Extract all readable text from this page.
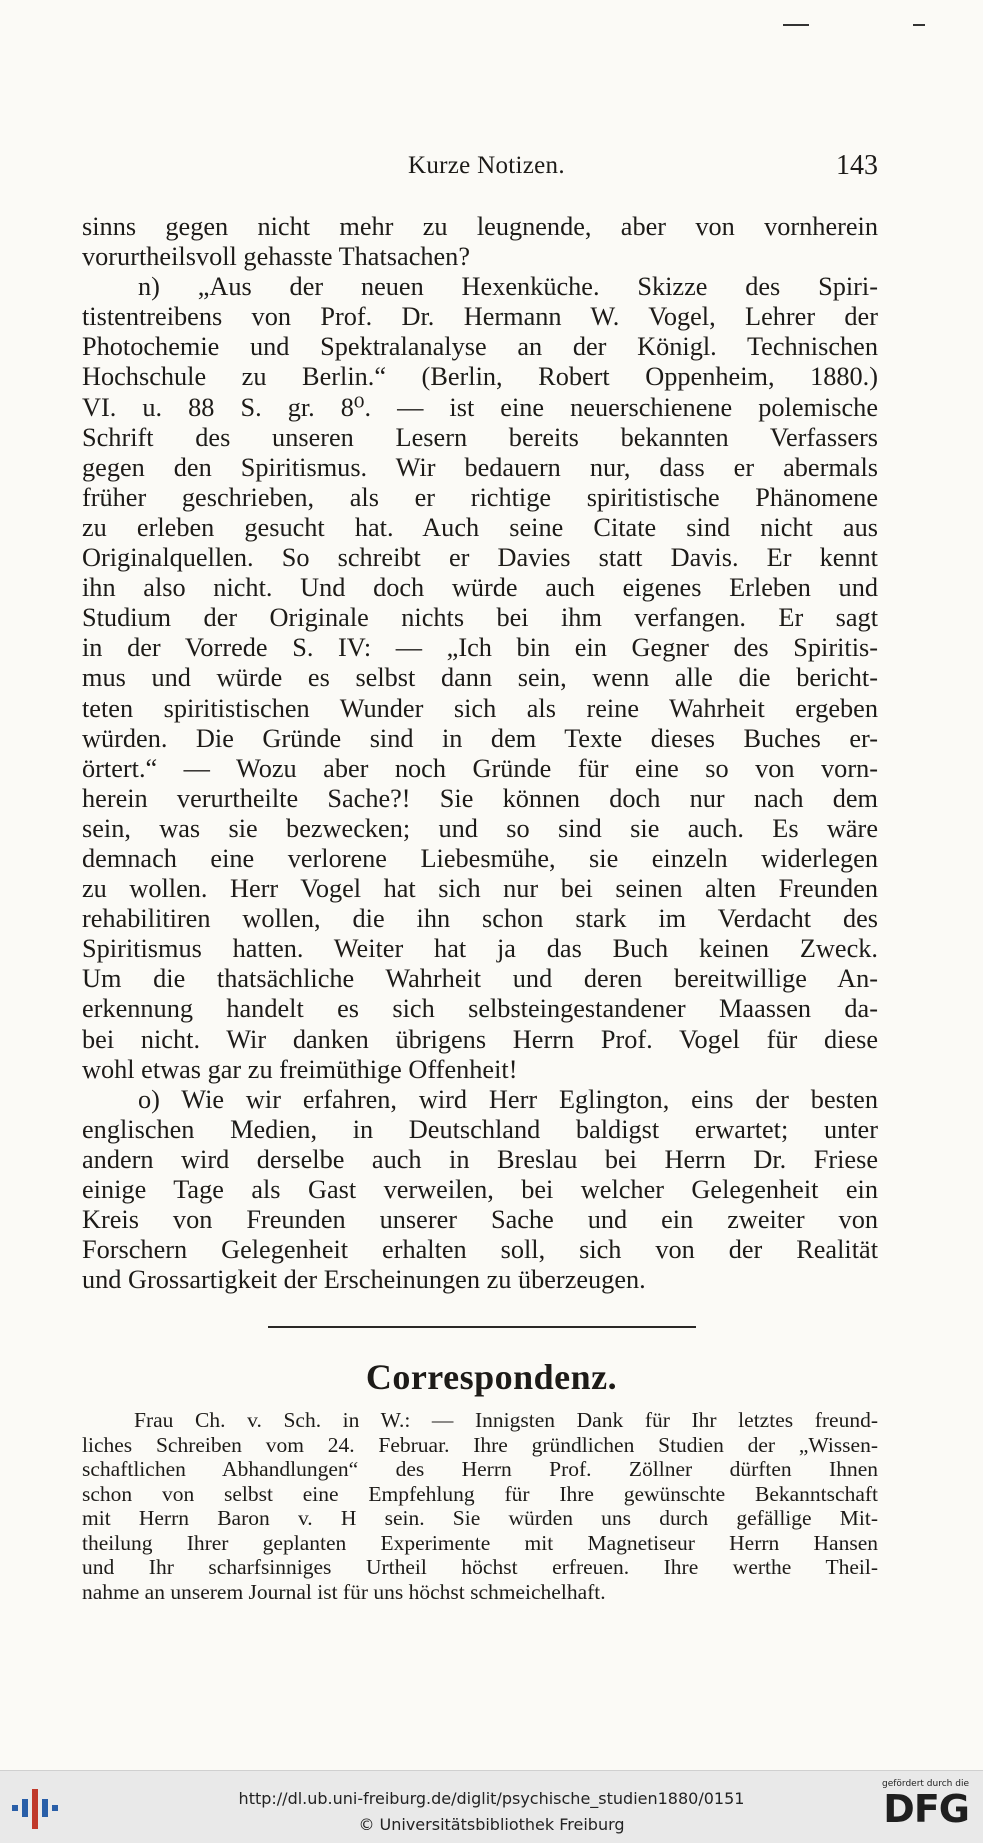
Kurze Notizen.	143
sinns gegen nicht mehr zu leugnende, aber von vornherein
vorurtheilsvoll gehasste Thatsachen?
n) „Aus der neuen Hexenküche. Skizze des Spiri-
tistentreibens von Prof. Dr. Hermann W. Vogel, Lehrer der
Photochemie und Spektralanalyse an der Königl. Technischen
Hochschule zu Berlin.“ (Berlin, Robert Oppenheim, 1880.)
VI. u. 88 S. gr. 8⁰. — ist eine neuerschienene polemische
Schrift des unseren Lesern bereits bekannten Verfassers
gegen den Spiritismus. Wir bedauern nur, dass er abermals
früher geschrieben, als er richtige spiritistische Phänomene
zu erleben gesucht hat. Auch seine Citate sind nicht aus
Originalquellen. So schreibt er Davies statt Davis. Er kennt
ihn also nicht. Und doch würde auch eigenes Erleben und
Studium der Originale nichts bei ihm verfangen. Er sagt
in der Vorrede S. IV: — „Ich bin ein Gegner des Spiritis-
mus und würde es selbst dann sein, wenn alle die bericht-
teten spiritistischen Wunder sich als reine Wahrheit ergeben
würden. Die Gründe sind in dem Texte dieses Buches er-
örtert.“ — Wozu aber noch Gründe für eine so von vorn-
herein verurtheilte Sache?! Sie können doch nur nach dem
sein, was sie bezwecken; und so sind sie auch. Es wäre
demnach eine verlorene Liebesmühe, sie einzeln widerlegen
zu wollen. Herr Vogel hat sich nur bei seinen alten Freunden
rehabilitiren wollen, die ihn schon stark im Verdacht des
Spiritismus hatten. Weiter hat ja das Buch keinen Zweck.
Um die thatsächliche Wahrheit und deren bereitwillige An-
erkennung handelt es sich selbsteingestandener Maassen da-
bei nicht. Wir danken übrigens Herrn Prof. Vogel für diese
wohl etwas gar zu freimüthige Offenheit!
o) Wie wir erfahren, wird Herr Eglington, eins der besten
englischen Medien, in Deutschland baldigst erwartet; unter
andern wird derselbe auch in Breslau bei Herrn Dr. Friese
einige Tage als Gast verweilen, bei welcher Gelegenheit ein
Kreis von Freunden unserer Sache und ein zweiter von
Forschern Gelegenheit erhalten soll, sich von der Realität
und Grossartigkeit der Erscheinungen zu überzeugen.
Correspondenz.
Frau Ch. v. Sch. in W.: — Innigsten Dank für Ihr letztes freund-
liches Schreiben vom 24. Februar. Ihre gründlichen Studien der „Wissen-
schaftlichen Abhandlungen“ des Herrn Prof. Zöllner dürften Ihnen
schon von selbst eine Empfehlung für Ihre gewünschte Bekanntschaft
mit Herrn Baron v. H sein. Sie würden uns durch gefällige Mit-
theilung Ihrer geplanten Experimente mit Magnetiseur Herrn Hansen
und Ihr scharfsinniges Urtheil höchst erfreuen. Ihre werthe Theil-
nahme an unserem Journal ist für uns höchst schmeichelhaft.
http://dl.ub.uni-freiburg.de/diglit/psychische_studien1880/0151
© Universitätsbibliothek Freiburg
gefördert durch die
DFG
